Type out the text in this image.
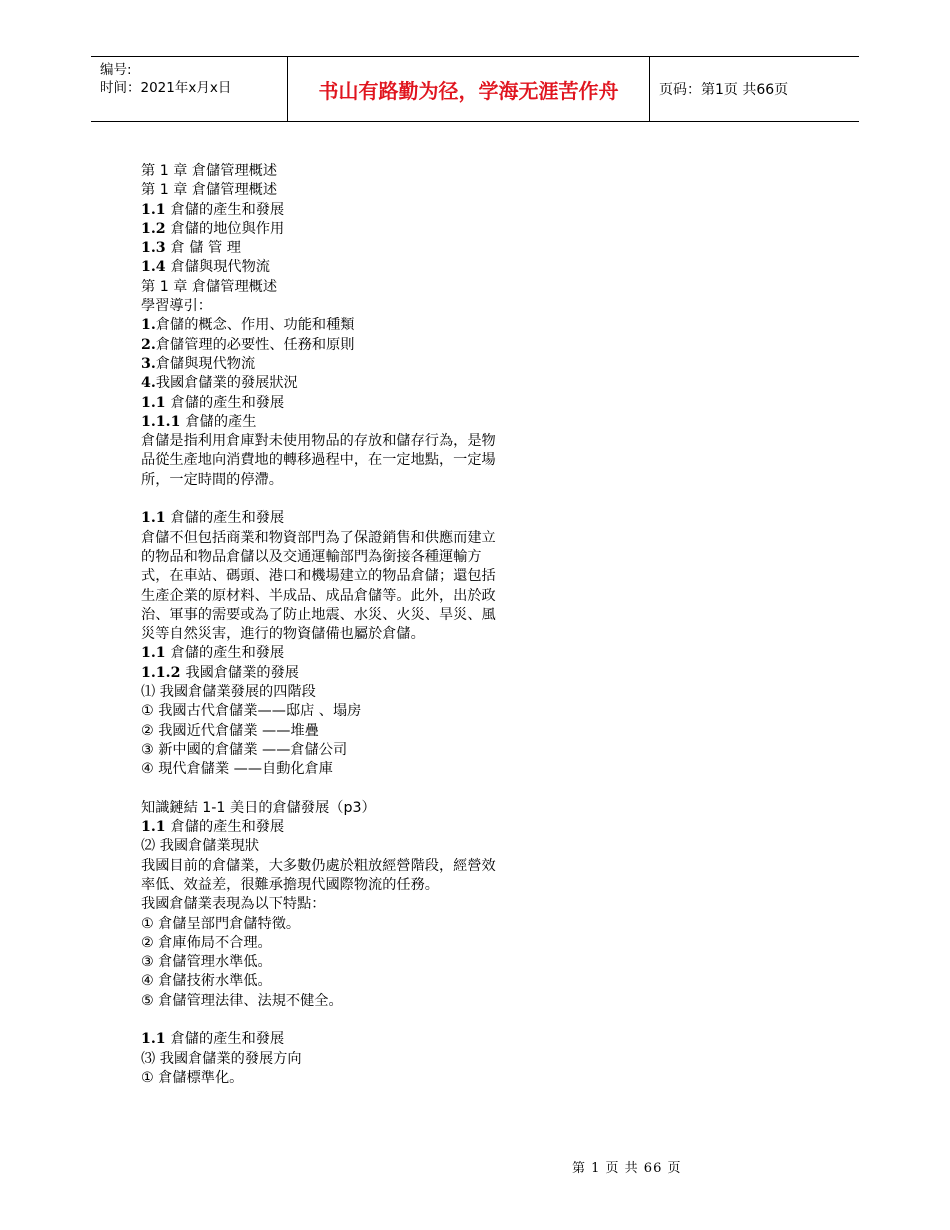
编号:
时间：2021年x月x日	书山有路勤为径，学海无涯苦作舟	页码：第1页 共66页
第 1 章 倉儲管理概述
第 1 章 倉儲管理概述
1.1 倉儲的產生和發展
1.2 倉儲的地位與作用
1.3 倉 儲 管 理
1.4 倉儲與現代物流
第 1 章 倉儲管理概述
學習導引：
1.倉儲的概念、作用、功能和種類
2.倉儲管理的必要性、任務和原則
3.倉儲與現代物流
4.我國倉儲業的發展狀況
1.1 倉儲的產生和發展
1.1.1 倉儲的產生
倉儲是指利用倉庫對未使用物品的存放和儲存行為，是物品從生產地向消費地的轉移過程中，在一定地點，一定場所，一定時間的停滯。
1.1 倉儲的產生和發展
倉儲不但包括商業和物資部門為了保證銷售和供應而建立的物品和物品倉儲以及交通運輸部門為銜接各種運輸方式，在車站、碼頭、港口和機場建立的物品倉儲；還包括生產企業的原材料、半成品、成品倉儲等。此外，出於政治、軍事的需要或為了防止地震、水災、火災、旱災、風災等自然災害，進行的物資儲備也屬於倉儲。
1.1 倉儲的產生和發展
1.1.2 我國倉儲業的發展
⑴ 我國倉儲業發展的四階段
① 我國古代倉儲業——邸店 、塌房
② 我國近代倉儲業 ——堆疊
③ 新中國的倉儲業 ——倉儲公司
④ 現代倉儲業 ——自動化倉庫
知識鏈結 1-1 美日的倉儲發展（p3）
1.1 倉儲的產生和發展
⑵ 我國倉儲業現狀
我國目前的倉儲業，大多數仍處於粗放經營階段，經營效率低、效益差，很難承擔現代國際物流的任務。
我國倉儲業表現為以下特點：
① 倉儲呈部門倉儲特徵。
② 倉庫佈局不合理。
③ 倉儲管理水準低。
④ 倉儲技術水準低。
⑤ 倉儲管理法律、法規不健全。
1.1 倉儲的產生和發展
⑶ 我國倉儲業的發展方向
① 倉儲標準化。
第 1 页 共 66 页
